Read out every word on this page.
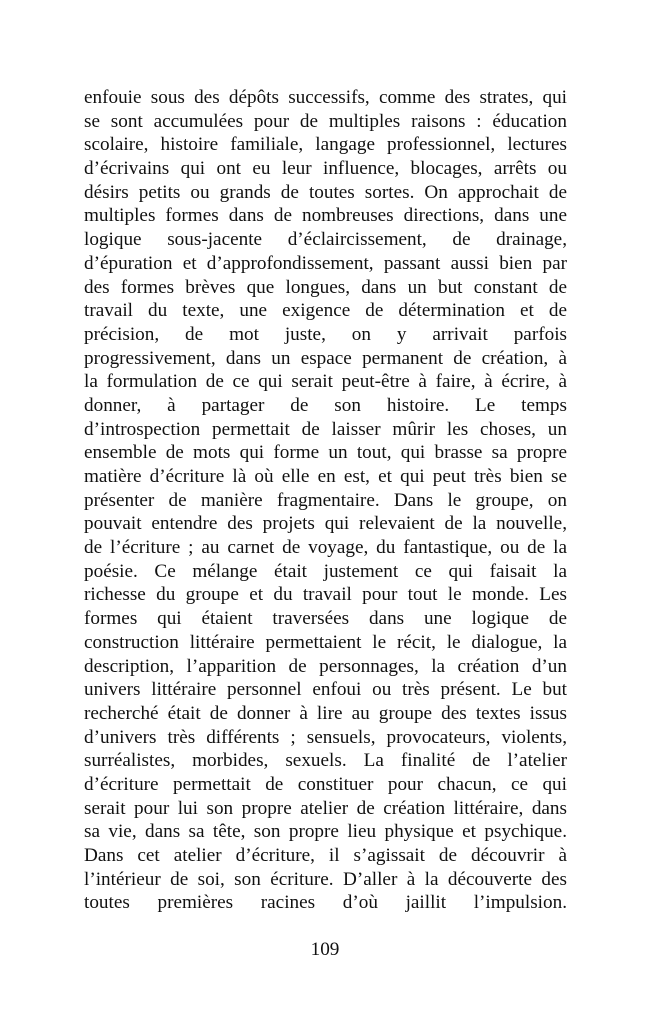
enfouie sous des dépôts successifs, comme des strates, qui
se sont accumulées pour de multiples raisons : éducation
scolaire, histoire familiale, langage professionnel, lectures
d’écrivains qui ont eu leur influence, blocages, arrêts ou
désirs petits ou grands de toutes sortes. On approchait de
multiples formes dans de nombreuses directions, dans une
logique sous-jacente d’éclaircissement, de drainage,
d’épuration et d’approfondissement, passant aussi bien par
des formes brèves que longues, dans un but constant de
travail du texte, une exigence de détermination et de
précision, de mot juste, on y arrivait parfois
progressivement, dans un espace permanent de création, à
la formulation de ce qui serait peut-être à faire, à écrire, à
donner, à partager de son histoire. Le temps
d’introspection permettait de laisser mûrir les choses, un
ensemble de mots qui forme un tout, qui brasse sa propre
matière d’écriture là où elle en est, et qui peut très bien se
présenter de manière fragmentaire. Dans le groupe, on
pouvait entendre des projets qui relevaient de la nouvelle,
de l’écriture ; au carnet de voyage, du fantastique, ou de la
poésie. Ce mélange était justement ce qui faisait la
richesse du groupe et du travail pour tout le monde. Les
formes qui étaient traversées dans une logique de
construction littéraire permettaient le récit, le dialogue, la
description, l’apparition de personnages, la création d’un
univers littéraire personnel enfoui ou très présent. Le but
recherché était de donner à lire au groupe des textes issus
d’univers très différents ; sensuels, provocateurs, violents,
surréalistes, morbides, sexuels. La finalité de l’atelier
d’écriture permettait de constituer pour chacun, ce qui
serait pour lui son propre atelier de création littéraire, dans
sa vie, dans sa tête, son propre lieu physique et psychique.
Dans cet atelier d’écriture, il s’agissait de découvrir à
l’intérieur de soi, son écriture. D’aller à la découverte des
toutes premières racines d’où jaillit l’impulsion.
109
